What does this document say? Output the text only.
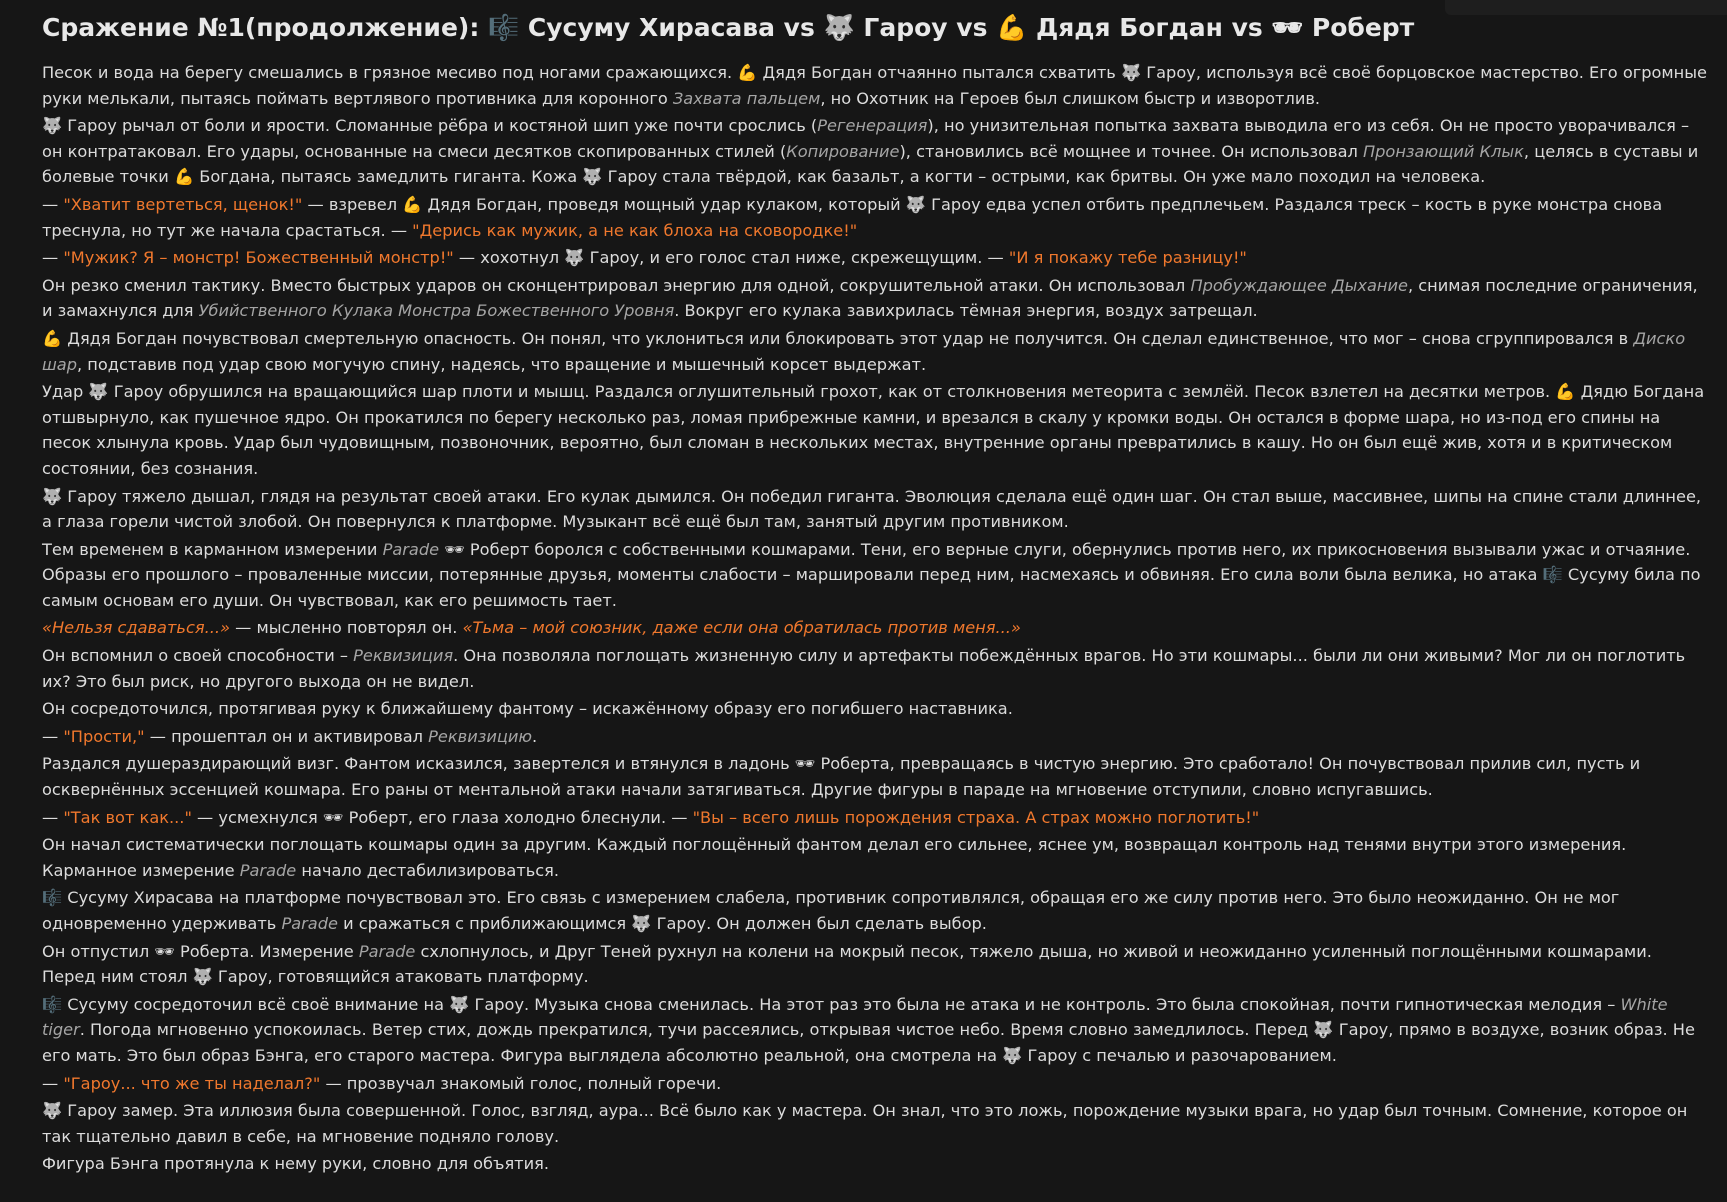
Сражение №1(продолжение): 🎼 Сусуму Хирасава vs 🐺 Гароу vs 💪 Дядя Богдан vs 🕶 Роберт

Песок и вода на берегу смешались в грязное месиво под ногами сражающихся. 💪 Дядя Богдан отчаянно пытался схватить 🐺 Гароу, используя всё своё борцовское мастерство. Его огромные руки мелькали, пытаясь поймать вертлявого противника для коронного Захвата пальцем, но Охотник на Героев был слишком быстр и изворотлив.

🐺 Гароу рычал от боли и ярости. Сломанные рёбра и костяной шип уже почти срослись (Регенерация), но унизительная попытка захвата выводила его из себя. Он не просто уворачивался – он контратаковал. Его удары, основанные на смеси десятков скопированных стилей (Копирование), становились всё мощнее и точнее. Он использовал Пронзающий Клык, целясь в суставы и болевые точки 💪 Богдана, пытаясь замедлить гиганта. Кожа 🐺 Гароу стала твёрдой, как базальт, а когти – острыми, как бритвы. Он уже мало походил на человека.

— "Хватит вертеться, щенок!" — взревел 💪 Дядя Богдан, проведя мощный удар кулаком, который 🐺 Гароу едва успел отбить предплечьем. Раздался треск – кость в руке монстра снова треснула, но тут же начала срастаться. — "Дерись как мужик, а не как блоха на сковородке!"

— "Мужик? Я – монстр! Божественный монстр!" — хохотнул 🐺 Гароу, и его голос стал ниже, скрежещущим. — "И я покажу тебе разницу!"

Он резко сменил тактику. Вместо быстрых ударов он сконцентрировал энергию для одной, сокрушительной атаки. Он использовал Пробуждающее Дыхание, снимая последние ограничения, и замахнулся для Убийственного Кулака Монстра Божественного Уровня. Вокруг его кулака завихрилась тёмная энергия, воздух затрещал.

💪 Дядя Богдан почувствовал смертельную опасность. Он понял, что уклониться или блокировать этот удар не получится. Он сделал единственное, что мог – снова сгруппировался в Диско шар, подставив под удар свою могучую спину, надеясь, что вращение и мышечный корсет выдержат.

Удар 🐺 Гароу обрушился на вращающийся шар плоти и мышц. Раздался оглушительный грохот, как от столкновения метеорита с землёй. Песок взлетел на десятки метров. 💪 Дядю Богдана отшвырнуло, как пушечное ядро. Он прокатился по берегу несколько раз, ломая прибрежные камни, и врезался в скалу у кромки воды. Он остался в форме шара, но из-под его спины на песок хлынула кровь. Удар был чудовищным, позвоночник, вероятно, был сломан в нескольких местах, внутренние органы превратились в кашу. Но он был ещё жив, хотя и в критическом состоянии, без сознания.

🐺 Гароу тяжело дышал, глядя на результат своей атаки. Его кулак дымился. Он победил гиганта. Эволюция сделала ещё один шаг. Он стал выше, массивнее, шипы на спине стали длиннее, а глаза горели чистой злобой. Он повернулся к платформе. Музыкант всё ещё был там, занятый другим противником.

Тем временем в карманном измерении Parade 🕶 Роберт боролся с собственными кошмарами. Тени, его верные слуги, обернулись против него, их прикосновения вызывали ужас и отчаяние. Образы его прошлого – проваленные миссии, потерянные друзья, моменты слабости – маршировали перед ним, насмехаясь и обвиняя. Его сила воли была велика, но атака 🎼 Сусуму била по самым основам его души. Он чувствовал, как его решимость тает.

«Нельзя сдаваться...» — мысленно повторял он. «Тьма – мой союзник, даже если она обратилась против меня...»

Он вспомнил о своей способности – Реквизиция. Она позволяла поглощать жизненную силу и артефакты побеждённых врагов. Но эти кошмары... были ли они живыми? Мог ли он поглотить их? Это был риск, но другого выхода он не видел.

Он сосредоточился, протягивая руку к ближайшему фантому – искажённому образу его погибшего наставника.

— "Прости," — прошептал он и активировал Реквизицию.

Раздался душераздирающий визг. Фантом исказился, завертелся и втянулся в ладонь 🕶 Роберта, превращаясь в чистую энергию. Это сработало! Он почувствовал прилив сил, пусть и осквернённых эссенцией кошмара. Его раны от ментальной атаки начали затягиваться. Другие фигуры в параде на мгновение отступили, словно испугавшись.

— "Так вот как..." — усмехнулся 🕶 Роберт, его глаза холодно блеснули. — "Вы – всего лишь порождения страха. А страх можно поглотить!"

Он начал систематически поглощать кошмары один за другим. Каждый поглощённый фантом делал его сильнее, яснее ум, возвращал контроль над тенями внутри этого измерения. Карманное измерение Parade начало дестабилизироваться.

🎼 Сусуму Хирасава на платформе почувствовал это. Его связь с измерением слабела, противник сопротивлялся, обращая его же силу против него. Это было неожиданно. Он не мог одновременно удерживать Parade и сражаться с приближающимся 🐺 Гароу. Он должен был сделать выбор.

Он отпустил 🕶 Роберта. Измерение Parade схлопнулось, и Друг Теней рухнул на колени на мокрый песок, тяжело дыша, но живой и неожиданно усиленный поглощёнными кошмарами. Перед ним стоял 🐺 Гароу, готовящийся атаковать платформу.

🎼 Сусуму сосредоточил всё своё внимание на 🐺 Гароу. Музыка снова сменилась. На этот раз это была не атака и не контроль. Это была спокойная, почти гипнотическая мелодия – White tiger. Погода мгновенно успокоилась. Ветер стих, дождь прекратился, тучи рассеялись, открывая чистое небо. Время словно замедлилось. Перед 🐺 Гароу, прямо в воздухе, возник образ. Не его мать. Это был образ Бэнга, его старого мастера. Фигура выглядела абсолютно реальной, она смотрела на 🐺 Гароу с печалью и разочарованием.

— "Гароу... что же ты наделал?" — прозвучал знакомый голос, полный горечи.

🐺 Гароу замер. Эта иллюзия была совершенной. Голос, взгляд, аура... Всё было как у мастера. Он знал, что это ложь, порождение музыки врага, но удар был точным. Сомнение, которое он так тщательно давил в себе, на мгновение подняло голову.

Фигура Бэнга протянула к нему руки, словно для объятия.
